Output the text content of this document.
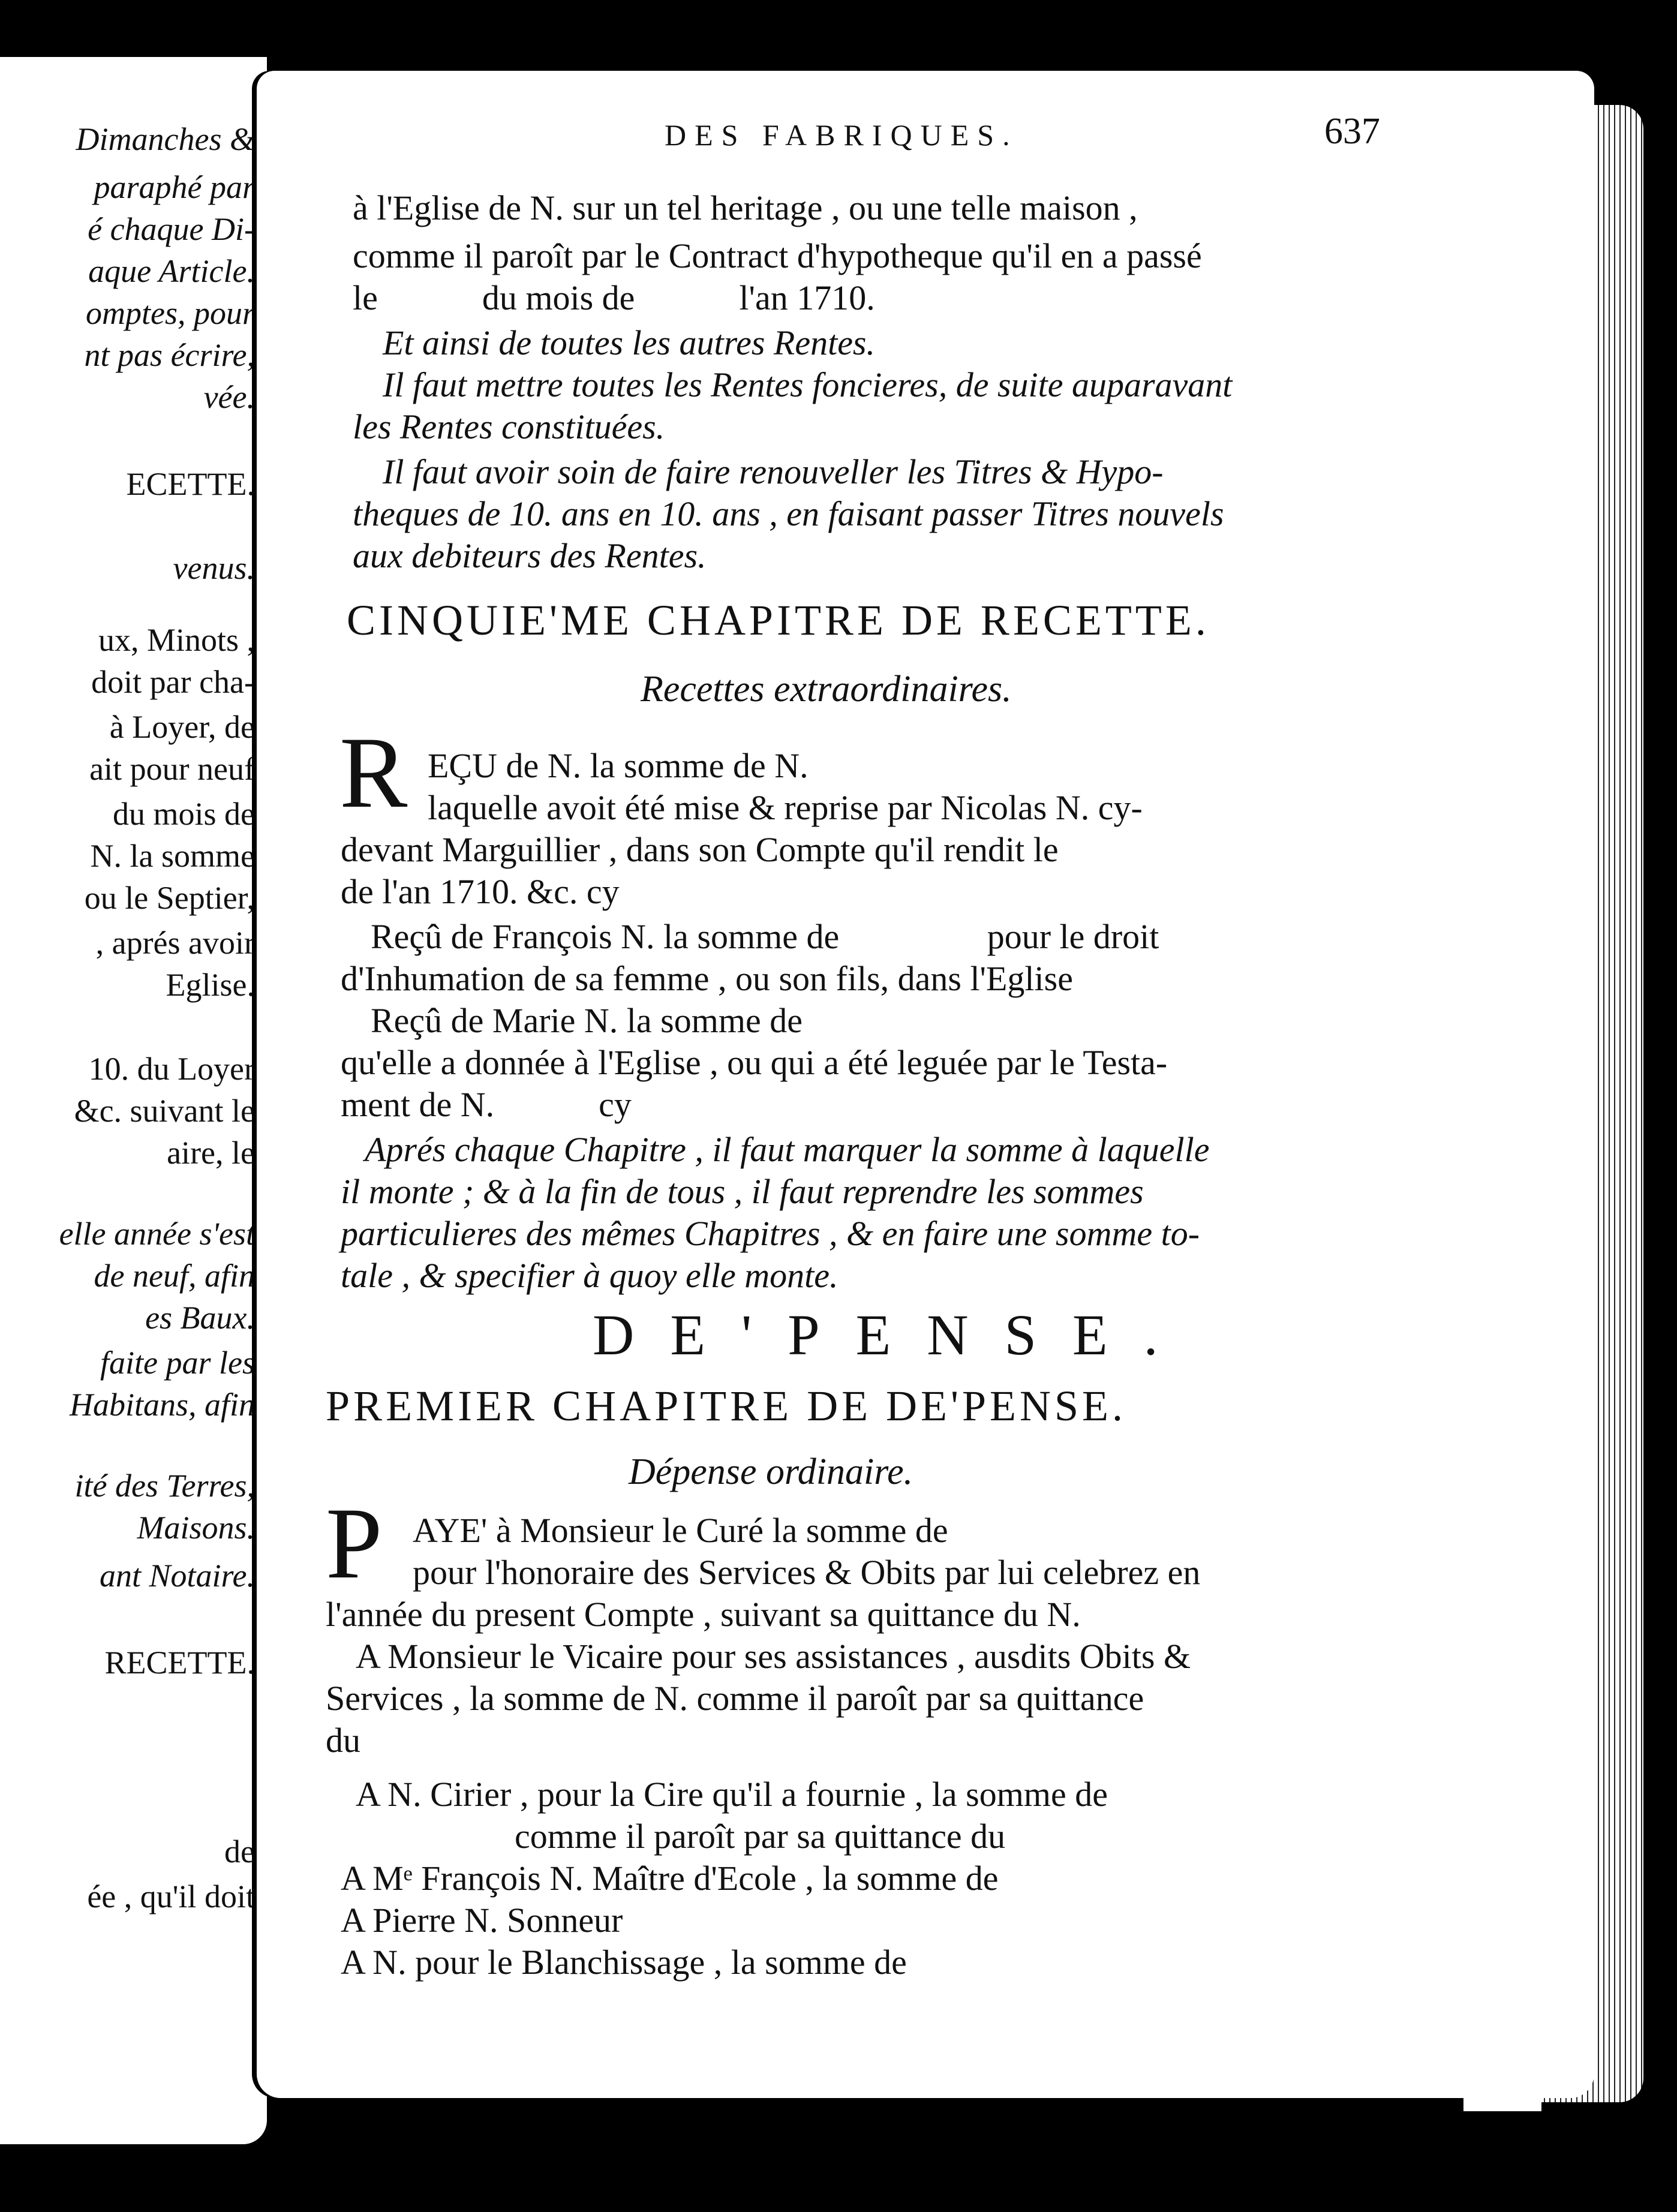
Dimanches &
paraphé par
é chaque Di-
aque Article.
omptes, pour
nt pas écrire,
vée.
ECETTE.
venus.
ux, Minots ,
doit par cha-
à Loyer, de
ait pour neuf
du mois de
N. la somme
ou le Septier,
, aprés avoir
Eglise.
10. du Loyer
&c. suivant le
aire, le
elle année s'est
de neuf, afin
es Baux.
faite par les
Habitans, afin
ité des Terres,
Maisons.
ant Notaire.
RECETTE.
de
ée , qu'il doit
DES FABRIQUES.	637
à l'Eglise de N. sur un tel heritage , ou une telle maison ,
comme il paroît par le Contract d'hypotheque qu'il en a passé
le            du mois de            l'an 1710.
Et ainsi de toutes les autres Rentes.
Il faut mettre toutes les Rentes foncieres, de suite auparavant
les Rentes constituées.
Il faut avoir soin de faire renouveller les Titres & Hypo-
theques de 10. ans en 10. ans , en faisant passer Titres nouvels
aux debiteurs des Rentes.
CINQUIE'ME CHAPITRE DE RECETTE.
Recettes extraordinaires.
R EÇU de N. la somme de N.
laquelle avoit été mise & reprise par Nicolas N. cy-
devant Marguillier , dans son Compte qu'il rendit le
de l'an 1710. &c. cy
Reçû de François N. la somme de                 pour le droit
d'Inhumation de sa femme , ou son fils, dans l'Eglise
Reçû de Marie N. la somme de
qu'elle a donnée à l'Eglise , ou qui a été leguée par le Testa-
ment de N.            cy
Aprés chaque Chapitre , il faut marquer la somme à laquelle
il monte ; & à la fin de tous , il faut reprendre les sommes
particulieres des mêmes Chapitres , & en faire une somme to-
tale , & specifier à quoy elle monte.
DE'PENSE.
PREMIER CHAPITRE DE DE'PENSE.
Dépense ordinaire.
P AYE' à Monsieur le Curé la somme de
pour l'honoraire des Services & Obits par lui celebrez en
l'année du present Compte , suivant sa quittance du N.
A Monsieur le Vicaire pour ses assistances , ausdits Obits &
Services , la somme de N. comme il paroît par sa quittance
du
A N. Cirier , pour la Cire qu'il a fournie , la somme de
comme il paroît par sa quittance du
A Mᵉ François N. Maître d'Ecole , la somme de
A Pierre N. Sonneur
A N. pour le Blanchissage , la somme de
